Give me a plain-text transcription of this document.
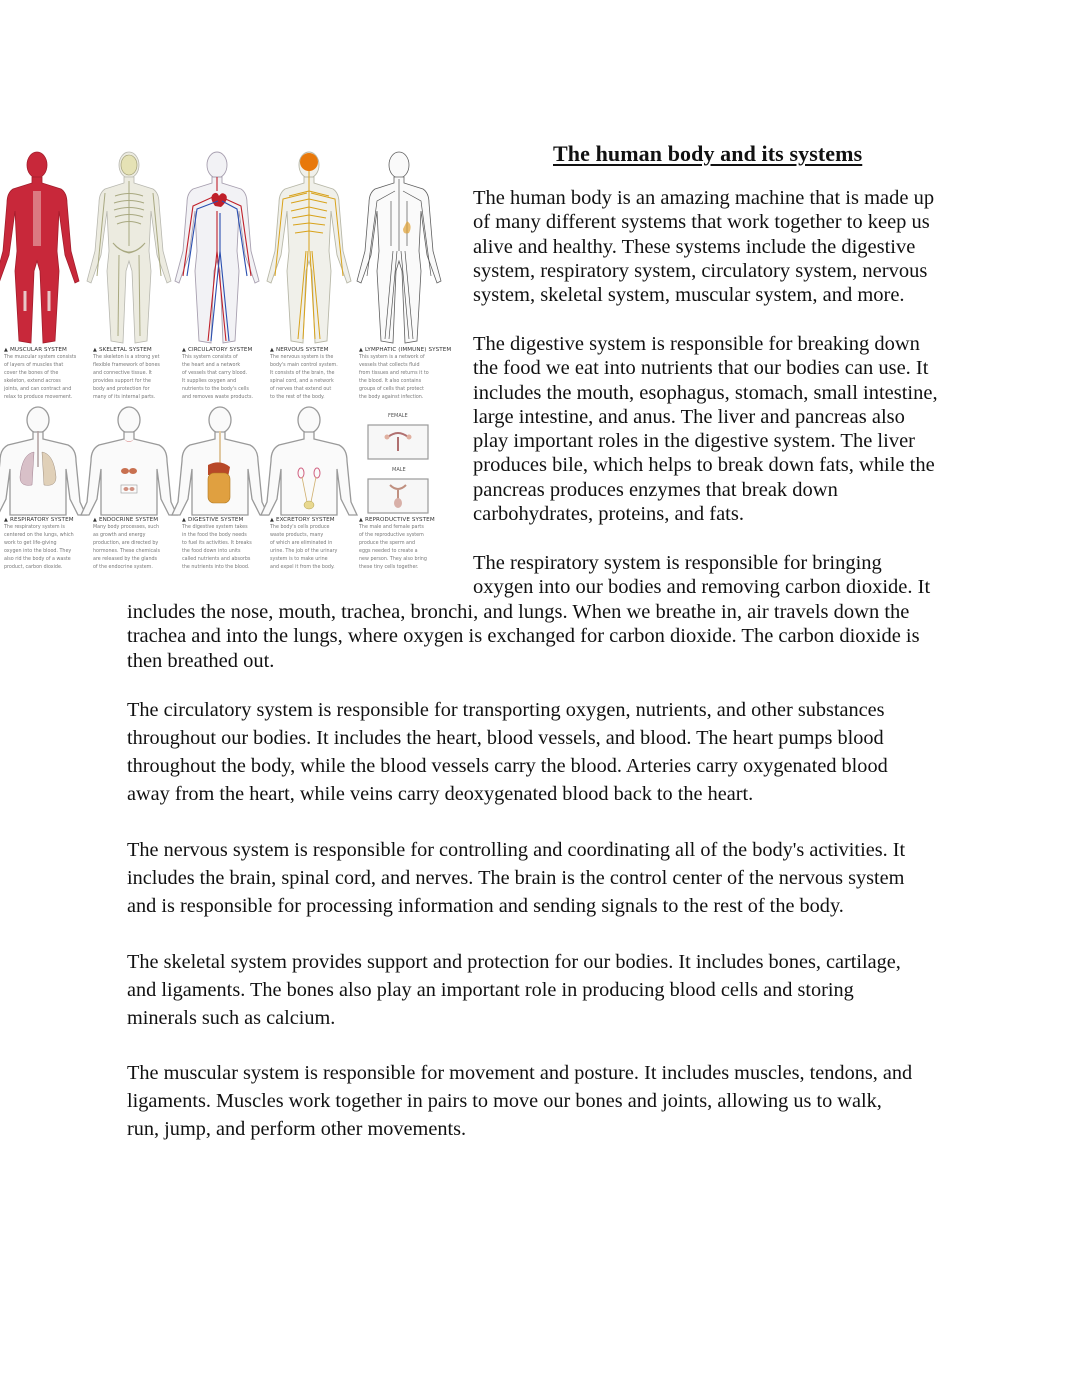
The human body and its systems
FEMALE
MALE
▲ MUSCULAR SYSTEM
The muscular system consists
of layers of muscles that
cover the bones of the
skeleton, extend across
joints, and can contract and
relax to produce movement.
▲ SKELETAL SYSTEM
The skeleton is a strong yet
flexible framework of bones
and connective tissue. It
provides support for the
body and protection for
many of its internal parts.
▲ CIRCULATORY SYSTEM
This system consists of
the heart and a network
of vessels that carry blood.
It supplies oxygen and
nutrients to the body's cells
and removes waste products.
▲ NERVOUS SYSTEM
The nervous system is the
body's main control system.
It consists of the brain, the
spinal cord, and a network
of nerves that extend out
to the rest of the body.
▲ LYMPHATIC (IMMUNE) SYSTEM
This system is a network of
vessels that collects fluid
from tissues and returns it to
the blood. It also contains
groups of cells that protect
the body against infection.
▲ RESPIRATORY SYSTEM
The respiratory system is
centered on the lungs, which
work to get life-giving
oxygen into the blood. They
also rid the body of a waste
product, carbon dioxide.
▲ ENDOCRINE SYSTEM
Many body processes, such
as growth and energy
production, are directed by
hormones. These chemicals
are released by the glands
of the endocrine system.
▲ DIGESTIVE SYSTEM
The digestive system takes
in the food the body needs
to fuel its activities. It breaks
the food down into units
called nutrients and absorbs
the nutrients into the blood.
▲ EXCRETORY SYSTEM
The body's cells produce
waste products, many
of which are eliminated in
urine. The job of the urinary
system is to make urine
and expel it from the body.
▲ REPRODUCTIVE SYSTEM
The male and female parts
of the reproductive system
produce the sperm and
eggs needed to create a
new person. They also bring
these tiny cells together.

The human body is an amazing machine that is made up
of many different systems that work together to keep us
alive and healthy. These systems include the digestive
system, respiratory system, circulatory system, nervous
system, skeletal system, muscular system, and more.

The digestive system is responsible for breaking down
the food we eat into nutrients that our bodies can use. It
includes the mouth, esophagus, stomach, small intestine,
large intestine, and anus. The liver and pancreas also
play important roles in the digestive system. The liver
produces bile, which helps to break down fats, while the
pancreas produces enzymes that break down
carbohydrates, proteins, and fats.

The respiratory system is responsible for bringing
oxygen into our bodies and removing carbon dioxide. It

includes the nose, mouth, trachea, bronchi, and lungs. When we breathe in, air travels down the
trachea and into the lungs, where oxygen is exchanged for carbon dioxide. The carbon dioxide is
then breathed out.

The circulatory system is responsible for transporting oxygen, nutrients, and other substances
throughout our bodies. It includes the heart, blood vessels, and blood. The heart pumps blood
throughout the body, while the blood vessels carry the blood. Arteries carry oxygenated blood
away from the heart, while veins carry deoxygenated blood back to the heart.

The nervous system is responsible for controlling and coordinating all of the body's activities. It
includes the brain, spinal cord, and nerves. The brain is the control center of the nervous system
and is responsible for processing information and sending signals to the rest of the body.

The skeletal system provides support and protection for our bodies. It includes bones, cartilage,
and ligaments. The bones also play an important role in producing blood cells and storing
minerals such as calcium.

The muscular system is responsible for movement and posture. It includes muscles, tendons, and
ligaments. Muscles work together in pairs to move our bones and joints, allowing us to walk,
run, jump, and perform other movements.
